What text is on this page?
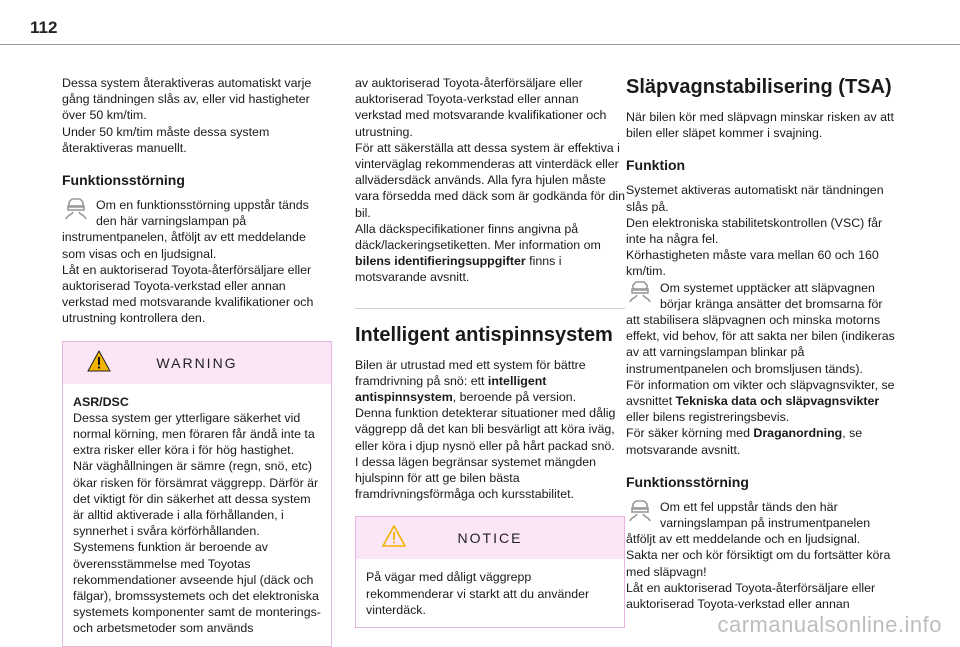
112

Dessa system återaktiveras automatiskt varje gång tändningen slås av, eller vid hastigheter över 50 km/tim.
Under 50 km/tim måste dessa system återaktiveras manuellt.

Funktionsstörning

Om en funktionsstörning uppstår tänds den här varningslampan på instrumentpanelen, åtföljt av ett meddelande som visas och en ljudsignal.
Låt en auktoriserad Toyota-återförsäljare eller auktoriserad Toyota-verkstad eller annan verkstad med motsvarande kvalifikationer och utrustning kontrollera den.

WARNING
ASR/DSC

Dessa system ger ytterligare säkerhet vid normal körning, men föraren får ändå inte ta extra risker eller köra i för hög hastighet.
När väghållningen är sämre (regn, snö, etc) ökar risken för försämrat väggrepp. Därför är det viktigt för din säkerhet att dessa system är alltid aktiverade i alla förhållanden, i synnerhet i svåra körförhållanden.
Systemens funktion är beroende av överensstämmelse med Toyotas rekommendationer avseende hjul (däck och fälgar), bromssystemets och det elektroniska systemets komponenter samt de monterings- och arbetsmetoder som används

av auktoriserad Toyota-återförsäljare eller auktoriserad Toyota-verkstad eller annan verkstad med motsvarande kvalifikationer och utrustning.
För att säkerställa att dessa system är effektiva i vinterväglag rekommenderas att vinterdäck eller allvädersdäck används. Alla fyra hjulen måste vara försedda med däck som är godkända för din bil.
Alla däckspecifikationer finns angivna på däck/lackeringsetiketten. Mer information om bilens identifieringsuppgifter finns i motsvarande avsnitt.

Intelligent antispinnsystem

Bilen är utrustad med ett system för bättre framdrivning på snö: ett intelligent antispinnsystem, beroende på version.
Denna funktion detekterar situationer med dålig väggrepp då det kan bli besvärligt att köra iväg, eller köra i djup nysnö eller på hårt packad snö.
I dessa lägen begränsar systemet mängden hjulspinn för att ge bilen bästa framdrivningsförmåga och kursstabilitet.

NOTICE

På vägar med dåligt väggrepp rekommenderar vi starkt att du använder vinterdäck.

Släpvagnstabilisering (TSA)

När bilen kör med släpvagn minskar risken av att bilen eller släpet kommer i svajning.

Funktion

Systemet aktiveras automatiskt när tändningen slås på.
Den elektroniska stabilitetskontrollen (VSC) får inte ha några fel.
Körhastigheten måste vara mellan 60 och 160 km/tim.

Om systemet upptäcker att släpvagnen börjar kränga ansätter det bromsarna för att stabilisera släpvagnen och minska motorns effekt, vid behov, för att sakta ner bilen (indikeras av att varningslampan blinkar på instrumentpanelen och bromsljusen tänds).
För information om vikter och släpvagnsvikter, se avsnittet Tekniska data och släpvagnsvikter eller bilens registreringsbevis.
För säker körning med Draganordning, se motsvarande avsnitt.

Funktionsstörning

Om ett fel uppstår tänds den här varningslampan på instrumentpanelen åtföljt av ett meddelande och en ljudsignal.
Sakta ner och kör försiktigt om du fortsätter köra med släpvagn!
Låt en auktoriserad Toyota-återförsäljare eller auktoriserad Toyota-verkstad eller annan

carmanualsonline.info
